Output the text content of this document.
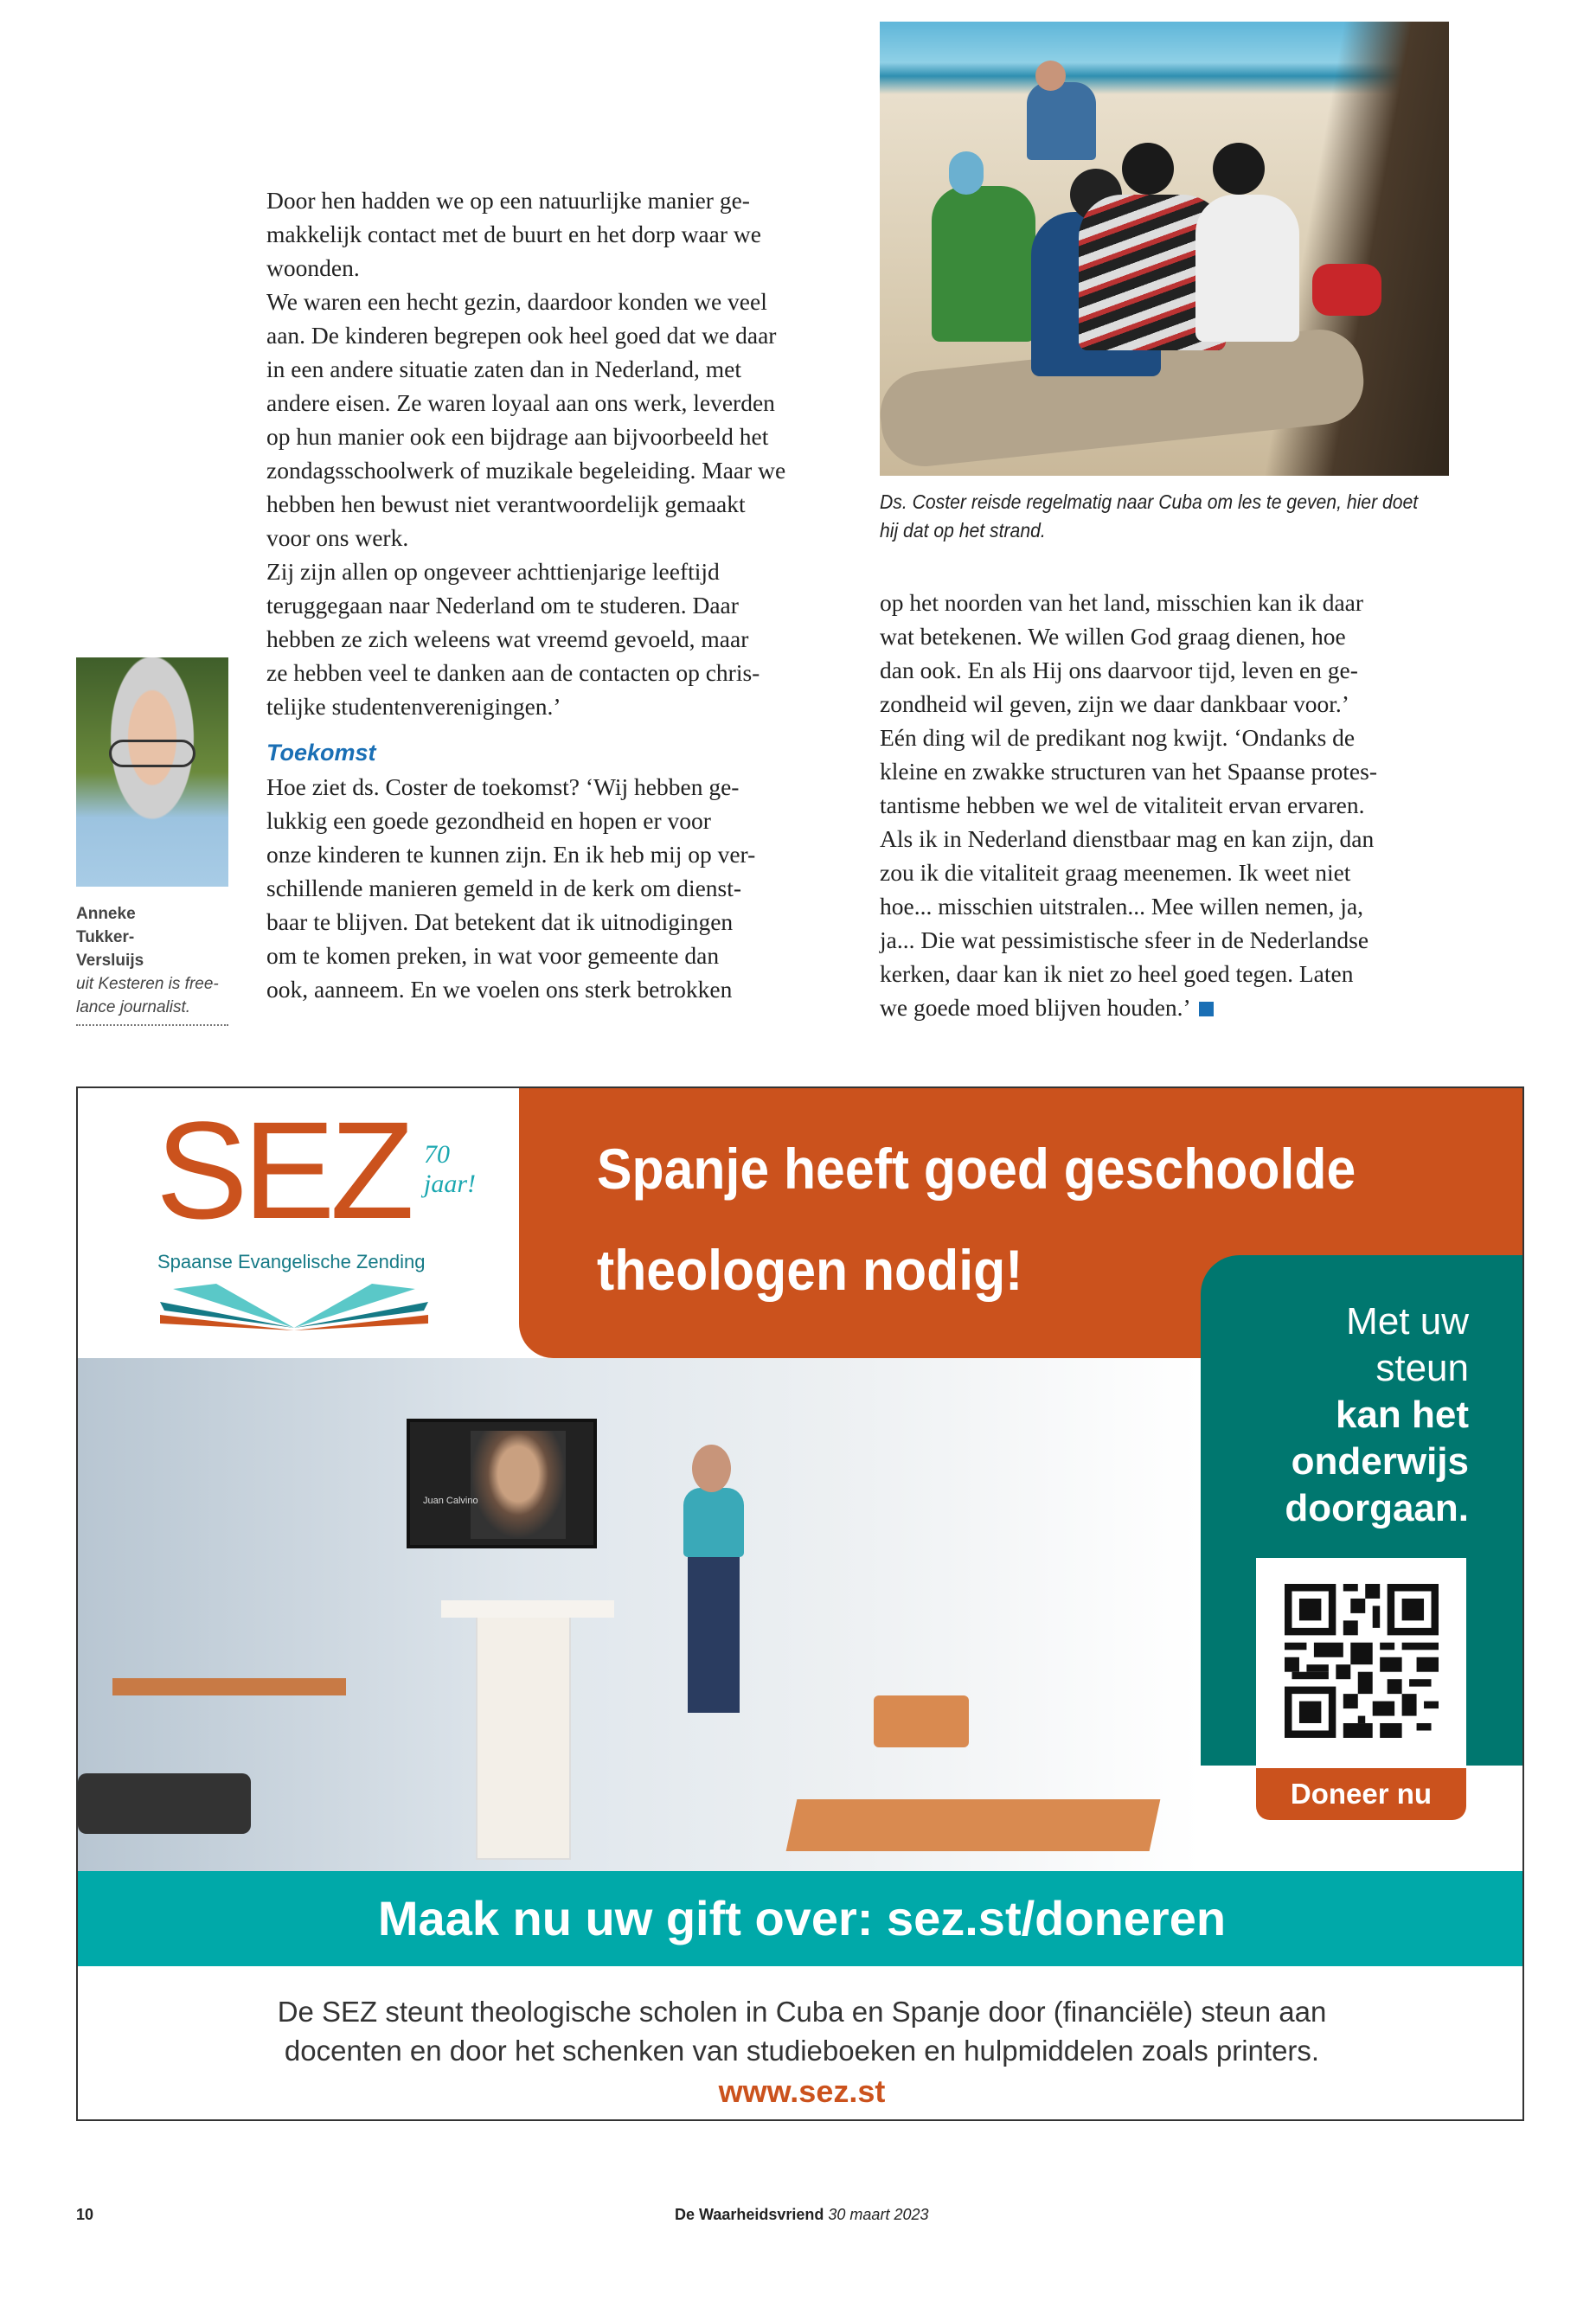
Ds. Coster reisde regelmatig naar Cuba om les te geven, hier doet
hij dat op het strand.
Door hen hadden we op een natuurlijke manier ge-
makkelijk contact met de buurt en het dorp waar we
woonden.
We waren een hecht gezin, daardoor konden we veel
aan. De kinderen begrepen ook heel goed dat we daar
in een andere situatie zaten dan in Nederland, met
andere eisen. Ze waren loyaal aan ons werk, leverden
op hun manier ook een bijdrage aan bijvoorbeeld het
zondagsschoolwerk of muzikale begeleiding. Maar we
hebben hen bewust niet verantwoordelijk gemaakt
voor ons werk.
Zij zijn allen op ongeveer achttienjarige leeftijd
teruggegaan naar Nederland om te studeren. Daar
hebben ze zich weleens wat vreemd gevoeld, maar
ze hebben veel te danken aan de contacten op chris-
telijke studentenverenigingen.’
Toekomst
Hoe ziet ds. Coster de toekomst? ‘Wij hebben ge-
lukkig een goede gezondheid en hopen er voor
onze kinderen te kunnen zijn. En ik heb mij op ver-
schillende manieren gemeld in de kerk om dienst-
baar te blijven. Dat betekent dat ik uitnodigingen
om te komen preken, in wat voor gemeente dan
ook, aanneem. En we voelen ons sterk betrokken
op het noorden van het land, misschien kan ik daar
wat betekenen. We willen God graag dienen, hoe
dan ook. En als Hij ons daarvoor tijd, leven en ge-
zondheid wil geven, zijn we daar dankbaar voor.’
Eén ding wil de predikant nog kwijt. ‘Ondanks de
kleine en zwakke structuren van het Spaanse protes-
tantisme hebben we wel de vitaliteit ervan ervaren.
Als ik in Nederland dienstbaar mag en kan zijn, dan
zou ik die vitaliteit graag meenemen. Ik weet niet
hoe... misschien uitstralen... Mee willen nemen, ja,
ja... Die wat pessimistische sfeer in de Nederlandse
kerken, daar kan ik niet zo heel goed tegen. Laten
we goede moed blijven houden.’
Anneke Tukker-Versluijs
uit Kesteren is free-lance journalist.
Spanje heeft goed geschoolde
theologen nodig!
SEZ 70 jaar!
Spaanse Evangelische Zending
Juan Calvino
Met uw
steun
kan het
onderwijs
doorgaan.
Doneer nu
Maak nu uw gift over: sez.st/doneren
De SEZ steunt theologische scholen in Cuba en Spanje door (financiële) steun aan
docenten en door het schenken van studieboeken en hulpmiddelen zoals printers.
www.sez.st
10	De Waarheidsvriend 30 maart 2023
